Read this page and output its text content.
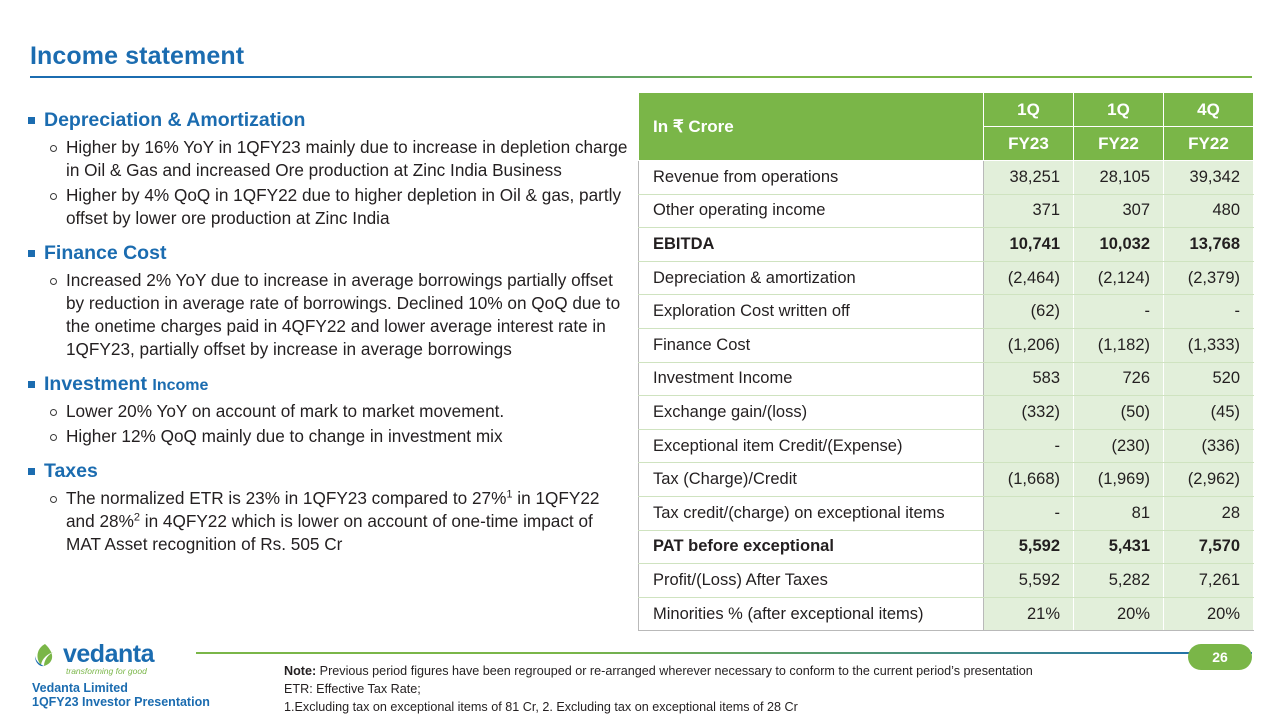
Income statement
Depreciation & Amortization
Higher by 16% YoY in 1QFY23 mainly due to increase in depletion charge in Oil & Gas and increased Ore production at Zinc India Business
Higher by 4% QoQ in 1QFY22 due to higher depletion in Oil & gas, partly offset by lower ore production at Zinc India
Finance Cost
Increased 2% YoY due to increase in average borrowings partially offset by reduction in average rate of borrowings. Declined 10% on QoQ due to the onetime charges paid in 4QFY22 and lower average interest rate in 1QFY23, partially offset by increase in average borrowings
Investment Income
Lower 20% YoY on account of mark to market movement.
Higher 12% QoQ mainly due to change in investment mix
Taxes
The normalized ETR is 23% in 1QFY23 compared to 27%$^1$ in 1QFY22 and 28%$^2$ in 4QFY22 which is lower on account of one-time impact of MAT Asset recognition of Rs. 505 Cr
In ₹ Crore	1Q	1Q	4Q
	FY23	FY22	FY22
Revenue from operations	38,251	28,105	39,342
Other operating income	371	307	480
EBITDA	10,741	10,032	13,768
Depreciation & amortization	(2,464)	(2,124)	(2,379)
Exploration Cost written off	(62)	-	-
Finance Cost	(1,206)	(1,182)	(1,333)
Investment Income	583	726	520
Exchange gain/(loss)	(332)	(50)	(45)
Exceptional item Credit/(Expense)	-	(230)	(336)
Tax (Charge)/Credit	(1,668)	(1,969)	(2,962)
Tax credit/(charge) on exceptional items	-	81	28
PAT before exceptional	5,592	5,431	7,570
Profit/(Loss) After Taxes	5,592	5,282	7,261
Minorities % (after exceptional items)	21%	20%	20%
vedanta
transforming for good
Vedanta Limited
1QFY23 Investor Presentation
Note: Previous period figures have been regrouped or re-arranged wherever necessary to conform to the current period’s presentation
ETR: Effective Tax Rate;
1.Excluding tax on exceptional items of 81 Cr, 2. Excluding tax on exceptional items of 28 Cr
26
